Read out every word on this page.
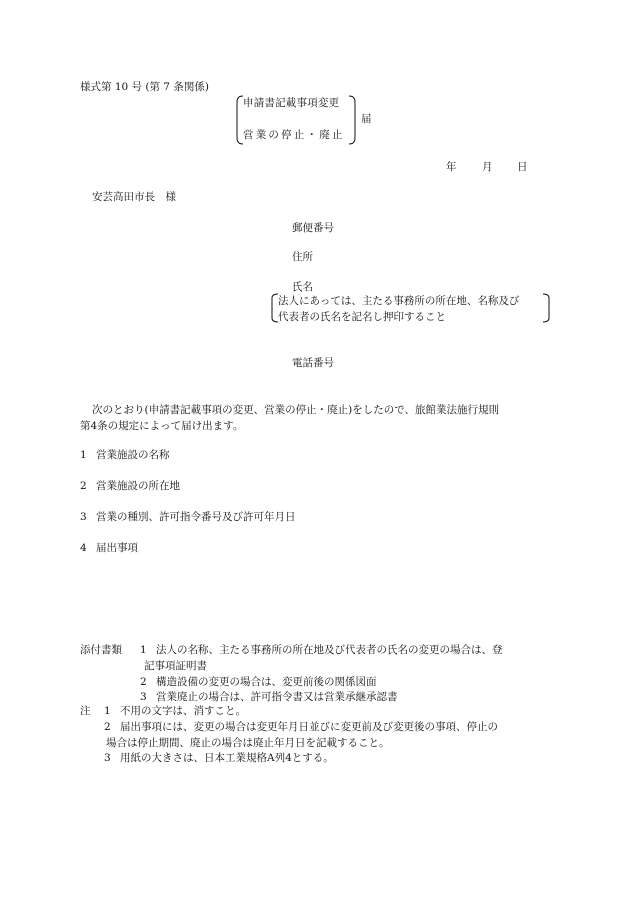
様式第 10 号 (第 7 条関係)
申請書記載事項変更
営業の停止・廃止
届
年 月 日
安芸高田市長　様
郵便番号
住所
氏名
法人にあっては、主たる事務所の所在地、名称及び
代表者の氏名を記名し押印すること
電話番号
次のとおり(申請書記載事項の変更、営業の停止・廃止)をしたので、旅館業法施行規則
第4条の規定によって届け出ます。
1 営業施設の名称
2 営業施設の所在地
3 営業の種別、許可指令番号及び許可年月日
4 届出事項
添付書類 1 法人の名称、主たる事務所の所在地及び代表者の氏名の変更の場合は、登
記事項証明書
2 構造設備の変更の場合は、変更前後の関係図面
3 営業廃止の場合は、許可指令書又は営業承継承認書
注 1 不用の文字は、消すこと。
2 届出事項には、変更の場合は変更年月日並びに変更前及び変更後の事項、停止の
場合は停止期間、廃止の場合は廃止年月日を記載すること。
3 用紙の大きさは、日本工業規格A列4とする。
